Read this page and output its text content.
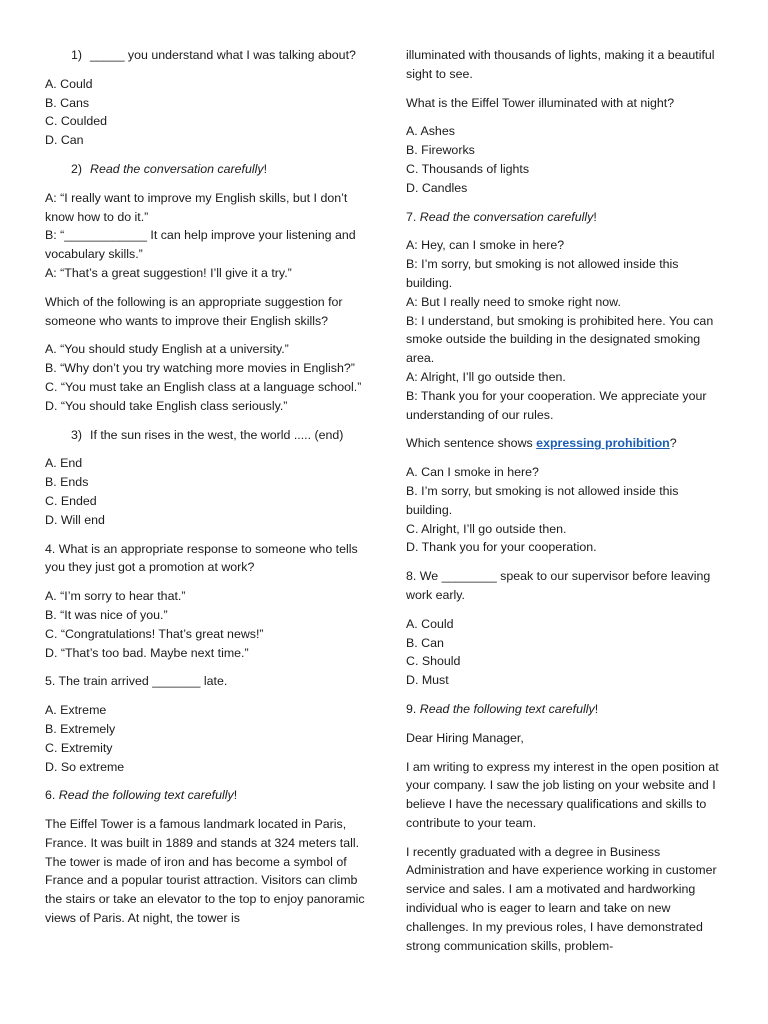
1) _____ you understand what I was talking about?
A. Could
B. Cans
C. Coulded
D. Can
2) Read the conversation carefully!
A: “I really want to improve my English skills, but I don’t know how to do it.”
B: “____________ It can help improve your listening and vocabulary skills.”
A: “That’s a great suggestion! I’ll give it a try.”

Which of the following is an appropriate suggestion for someone who wants to improve their English skills?

A. “You should study English at a university.”
B. “Why don’t you try watching more movies in English?”
C. “You must take an English class at a language school.”
D. “You should take English class seriously.”
3) If the sun rises in the west, the world ..... (end)
A. End
B. Ends
C. Ended
D. Will end

4. What is an appropriate response to someone who tells you they just got a promotion at work?

A. “I’m sorry to hear that.”
B. “It was nice of you.”
C. “Congratulations! That’s great news!”
D. “That’s too bad. Maybe next time.”

5. The train arrived _______ late.

A. Extreme
B. Extremely
C. Extremity
D. So extreme

6. Read the following text carefully!

The Eiffel Tower is a famous landmark located in Paris, France. It was built in 1889 and stands at 324 meters tall. The tower is made of iron and has become a symbol of France and a popular tourist attraction. Visitors can climb the stairs or take an elevator to the top to enjoy panoramic views of Paris. At night, the tower is

illuminated with thousands of lights, making it a beautiful sight to see.

What is the Eiffel Tower illuminated with at night?

A. Ashes
B. Fireworks
C. Thousands of lights
D. Candles

7. Read the conversation carefully!

A: Hey, can I smoke in here?
B: I’m sorry, but smoking is not allowed inside this building.
A: But I really need to smoke right now.
B: I understand, but smoking is prohibited here. You can smoke outside the building in the designated smoking area.
A: Alright, I’ll go outside then.
B: Thank you for your cooperation. We appreciate your understanding of our rules.

Which sentence shows expressing prohibition?

A. Can I smoke in here?
B. I’m sorry, but smoking is not allowed inside this building.
C. Alright, I’ll go outside then.
D. Thank you for your cooperation.

8. We ________ speak to our supervisor before leaving work early.

A. Could
B. Can
C. Should
D. Must

9. Read the following text carefully!

Dear Hiring Manager,

I am writing to express my interest in the open position at your company. I saw the job listing on your website and I believe I have the necessary qualifications and skills to contribute to your team.

I recently graduated with a degree in Business Administration and have experience working in customer service and sales. I am a motivated and hardworking individual who is eager to learn and take on new challenges. In my previous roles, I have demonstrated strong communication skills, problem-
